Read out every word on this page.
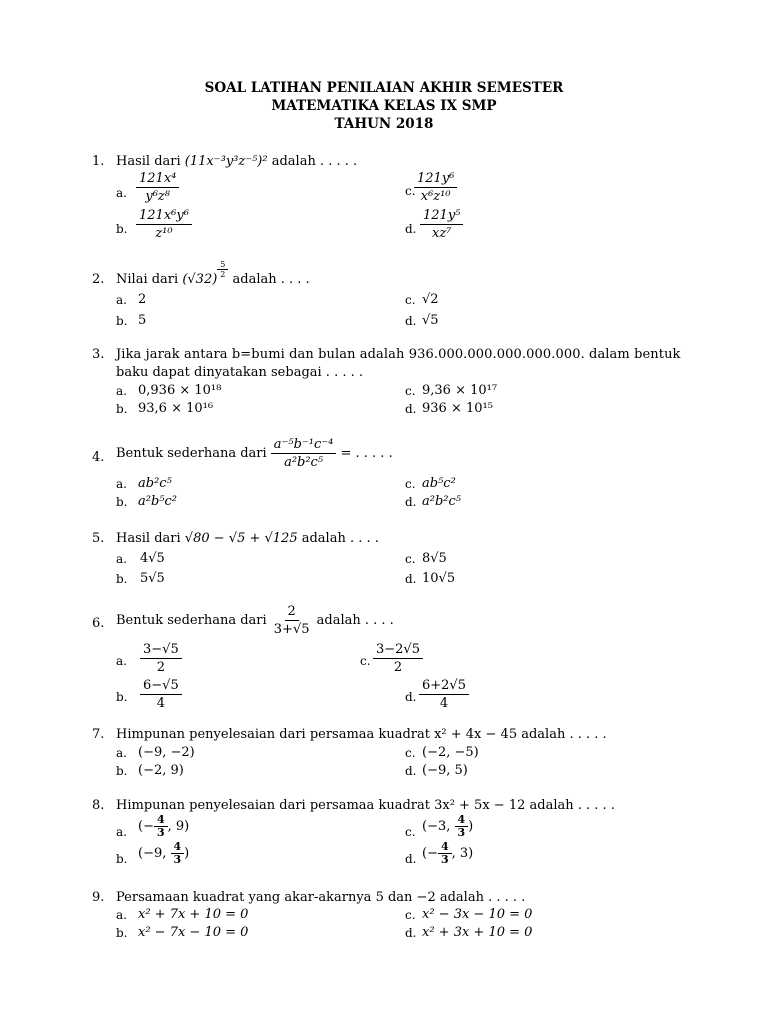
SOAL LATIHAN PENILAIAN AKHIR SEMESTER
MATEMATIKA KELAS IX SMP
TAHUN 2018
1. Hasil dari (11x⁻³y³z⁻⁵)² adalah . . . . .
a. $\frac{\text{121x⁴}}{\text{y⁶z⁸}}$
b. $\frac{\text{121x⁶y⁶}}{\text{z¹⁰}}$
c.
$\frac{\text{121y⁶}}{\text{x⁶z¹⁰}}$
d. $\frac{\text{121y⁵}}{\text{xz⁷}}$
2. Nilai dari (√32)
$\frac{5}{2}$
adalah . . . .
a. 2
b. 5
c. √2
d. √5
3. Jika jarak antara b=bumi dan bulan adalah 936.000.000.000.000.000. dalam bentuk
baku dapat dinyatakan sebagai . . . . .
a. 0,936 × 10¹⁸
b. 93,6 × 10¹⁶
c. 9,36 × 10¹⁷
d. 936 × 10¹⁵
4. Bentuk sederhana dari $\frac{\text{a⁻⁵b⁻¹c⁻⁴}}{\text{a²b²c⁵}}$ = . . . . .
a. ab²c⁵
b. a²b⁵c²
c. ab⁵c²
d. a²b²c⁵
5. Hasil dari √80 − √5 + √125 adalah . . . .
a. 4√5
b. 5√5
c. 8√5
d. 10√5
6. Bentuk sederhana dari $\frac{2}{3+√5}$ adalah . . . .
a. $\frac{3-√5}{2}$
b. $\frac{6-√5}{4}$
c. $\frac{3-2√5}{2}$
d. $\frac{6+2√5}{4}$
7. Himpunan penyelesaian dari persamaa kuadrat x² + 4x − 45 adalah . . . . .
a. (−9, −2)
b. (−2, 9)
c. (−2, −5)
d. (−9, 5)
8. Himpunan penyelesaian dari persamaa kuadrat 3x² + 5x − 12 adalah . . . . .
a. (− $\frac{4}{3}$ , 9)
b. (−9, $\frac{4}{3}$ )
c. (−3, $\frac{4}{3}$ )
d. (− $\frac{4}{3}$ , 3)
9. Persamaan kuadrat yang akar-akarnya 5 dan −2 adalah . . . . .
a. x² + 7x + 10 = 0
b. x² − 7x − 10 = 0
c. x² − 3x − 10 = 0
d. x² + 3x + 10 = 0
